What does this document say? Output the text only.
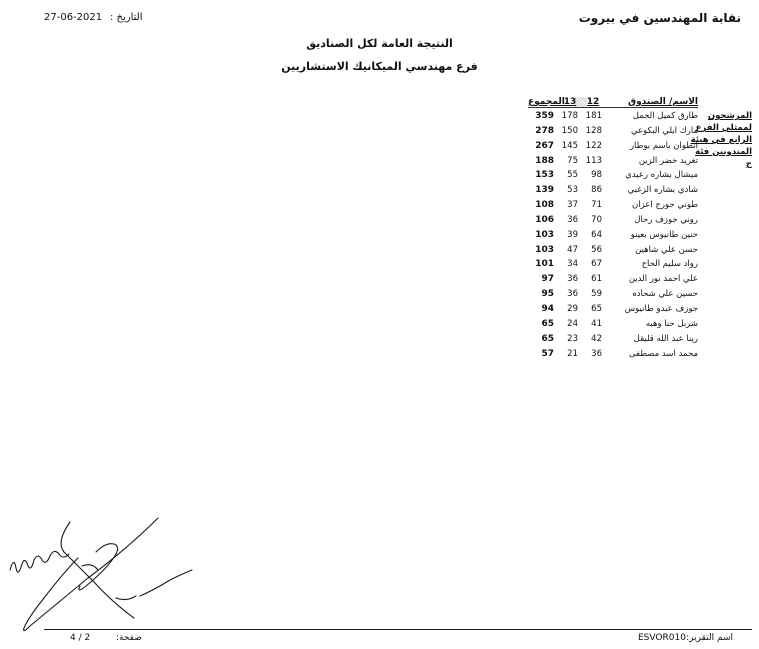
نقابة المهندسين في بيروت
التاريخ :
27-06-2021
النتيجة العامة لكل الصناديق
فرع مهندسي الميكانيك الاستشاريين
المرشحون
لممثلي الفرع
الرابع في هيئة
المندوبين فئة
ج
الاسم/ الصندوق
12
13
المجموع
طارق كميل الجمل
181
178
359
مارك ايلي البكوعي
128
150
278
انطوان باسم بوطار
122
145
267
تغريد خضر الزين
113
75
188
ميشال بشاره رعيدي
98
55
153
شادي بشاره الزغبي
86
53
139
طوني جورج اعزان
71
37
108
روني جوزف رحال
70
36
106
حنين طانيوس بعينو
64
39
103
حسن علي شاهين
56
47
103
رواد سليم الحاج
67
34
101
علي احمد نور الدين
61
36
97
حسين علي شحاده
59
36
95
جوزف عبدو طانيوس
65
29
94
شربل حنا وهبه
41
24
65
رينا عبد الله قليقل
42
23
65
محمد اسد مصطفى
36
21
57
اسم التقرير:
ESVOR010
صفحة:
4 / 2
